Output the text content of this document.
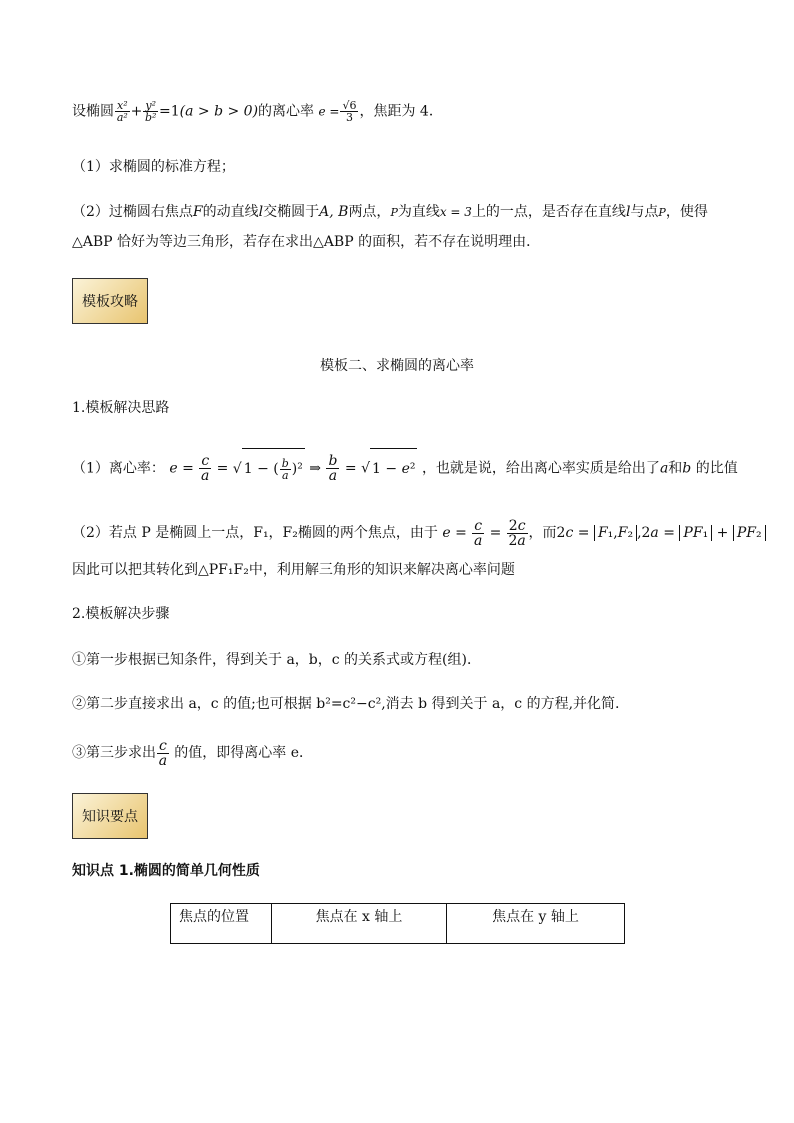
设椭圆 $\frac{\text{x²}}{\text{a²}} + \frac{\text{y²}}{\text{b²}} =1(a > b > 0)$的离心率 $e = \frac{√6}{3}$ ，焦距为 4．
（1）求椭圆的标准方程；
（2）过椭圆右焦点F的动直线l交椭圆于A, B两点，P为直线x = 3上的一点，是否存在直线l与点P，使得
△ABP 恰好为等边三角形，若存在求出△ABP 的面积，若不存在说明理由．
模板攻略
模板二、求椭圆的离心率
1.模板解决思路
（1）离心率： $e = \frac{c}{a}$ = √ 1 − ( $\frac{b}{a} )^2$ ⇒ $\frac{b}{a}$ = √ 1 − e² ，也就是说，给出离心率实质是给出了a和b 的比值
（2）若点 P 是椭圆上一点，F₁，F₂椭圆的两个焦点，由于 $e = \frac{c}{a} = \frac{2c}{2a}$ ，而2c = F₁,F₂ ,2a = PF₁ + PF₂
因此可以把其转化到△PF₁F₂中，利用解三角形的知识来解决离心率问题
2.模板解决步骤
①第一步根据已知条件，得到关于 a，b，c 的关系式或方程(组)．
②第二步直接求出 a，c 的值;也可根据 b²=c²−c²,消去 b 得到关于 a，c 的方程,并化简.
③第三步求出 $\frac{c}{a}$ 的值，即得离心率 e．
知识要点
知识点 1.椭圆的简单几何性质
焦点的位置	焦点在 x 轴上	焦点在 y 轴上
